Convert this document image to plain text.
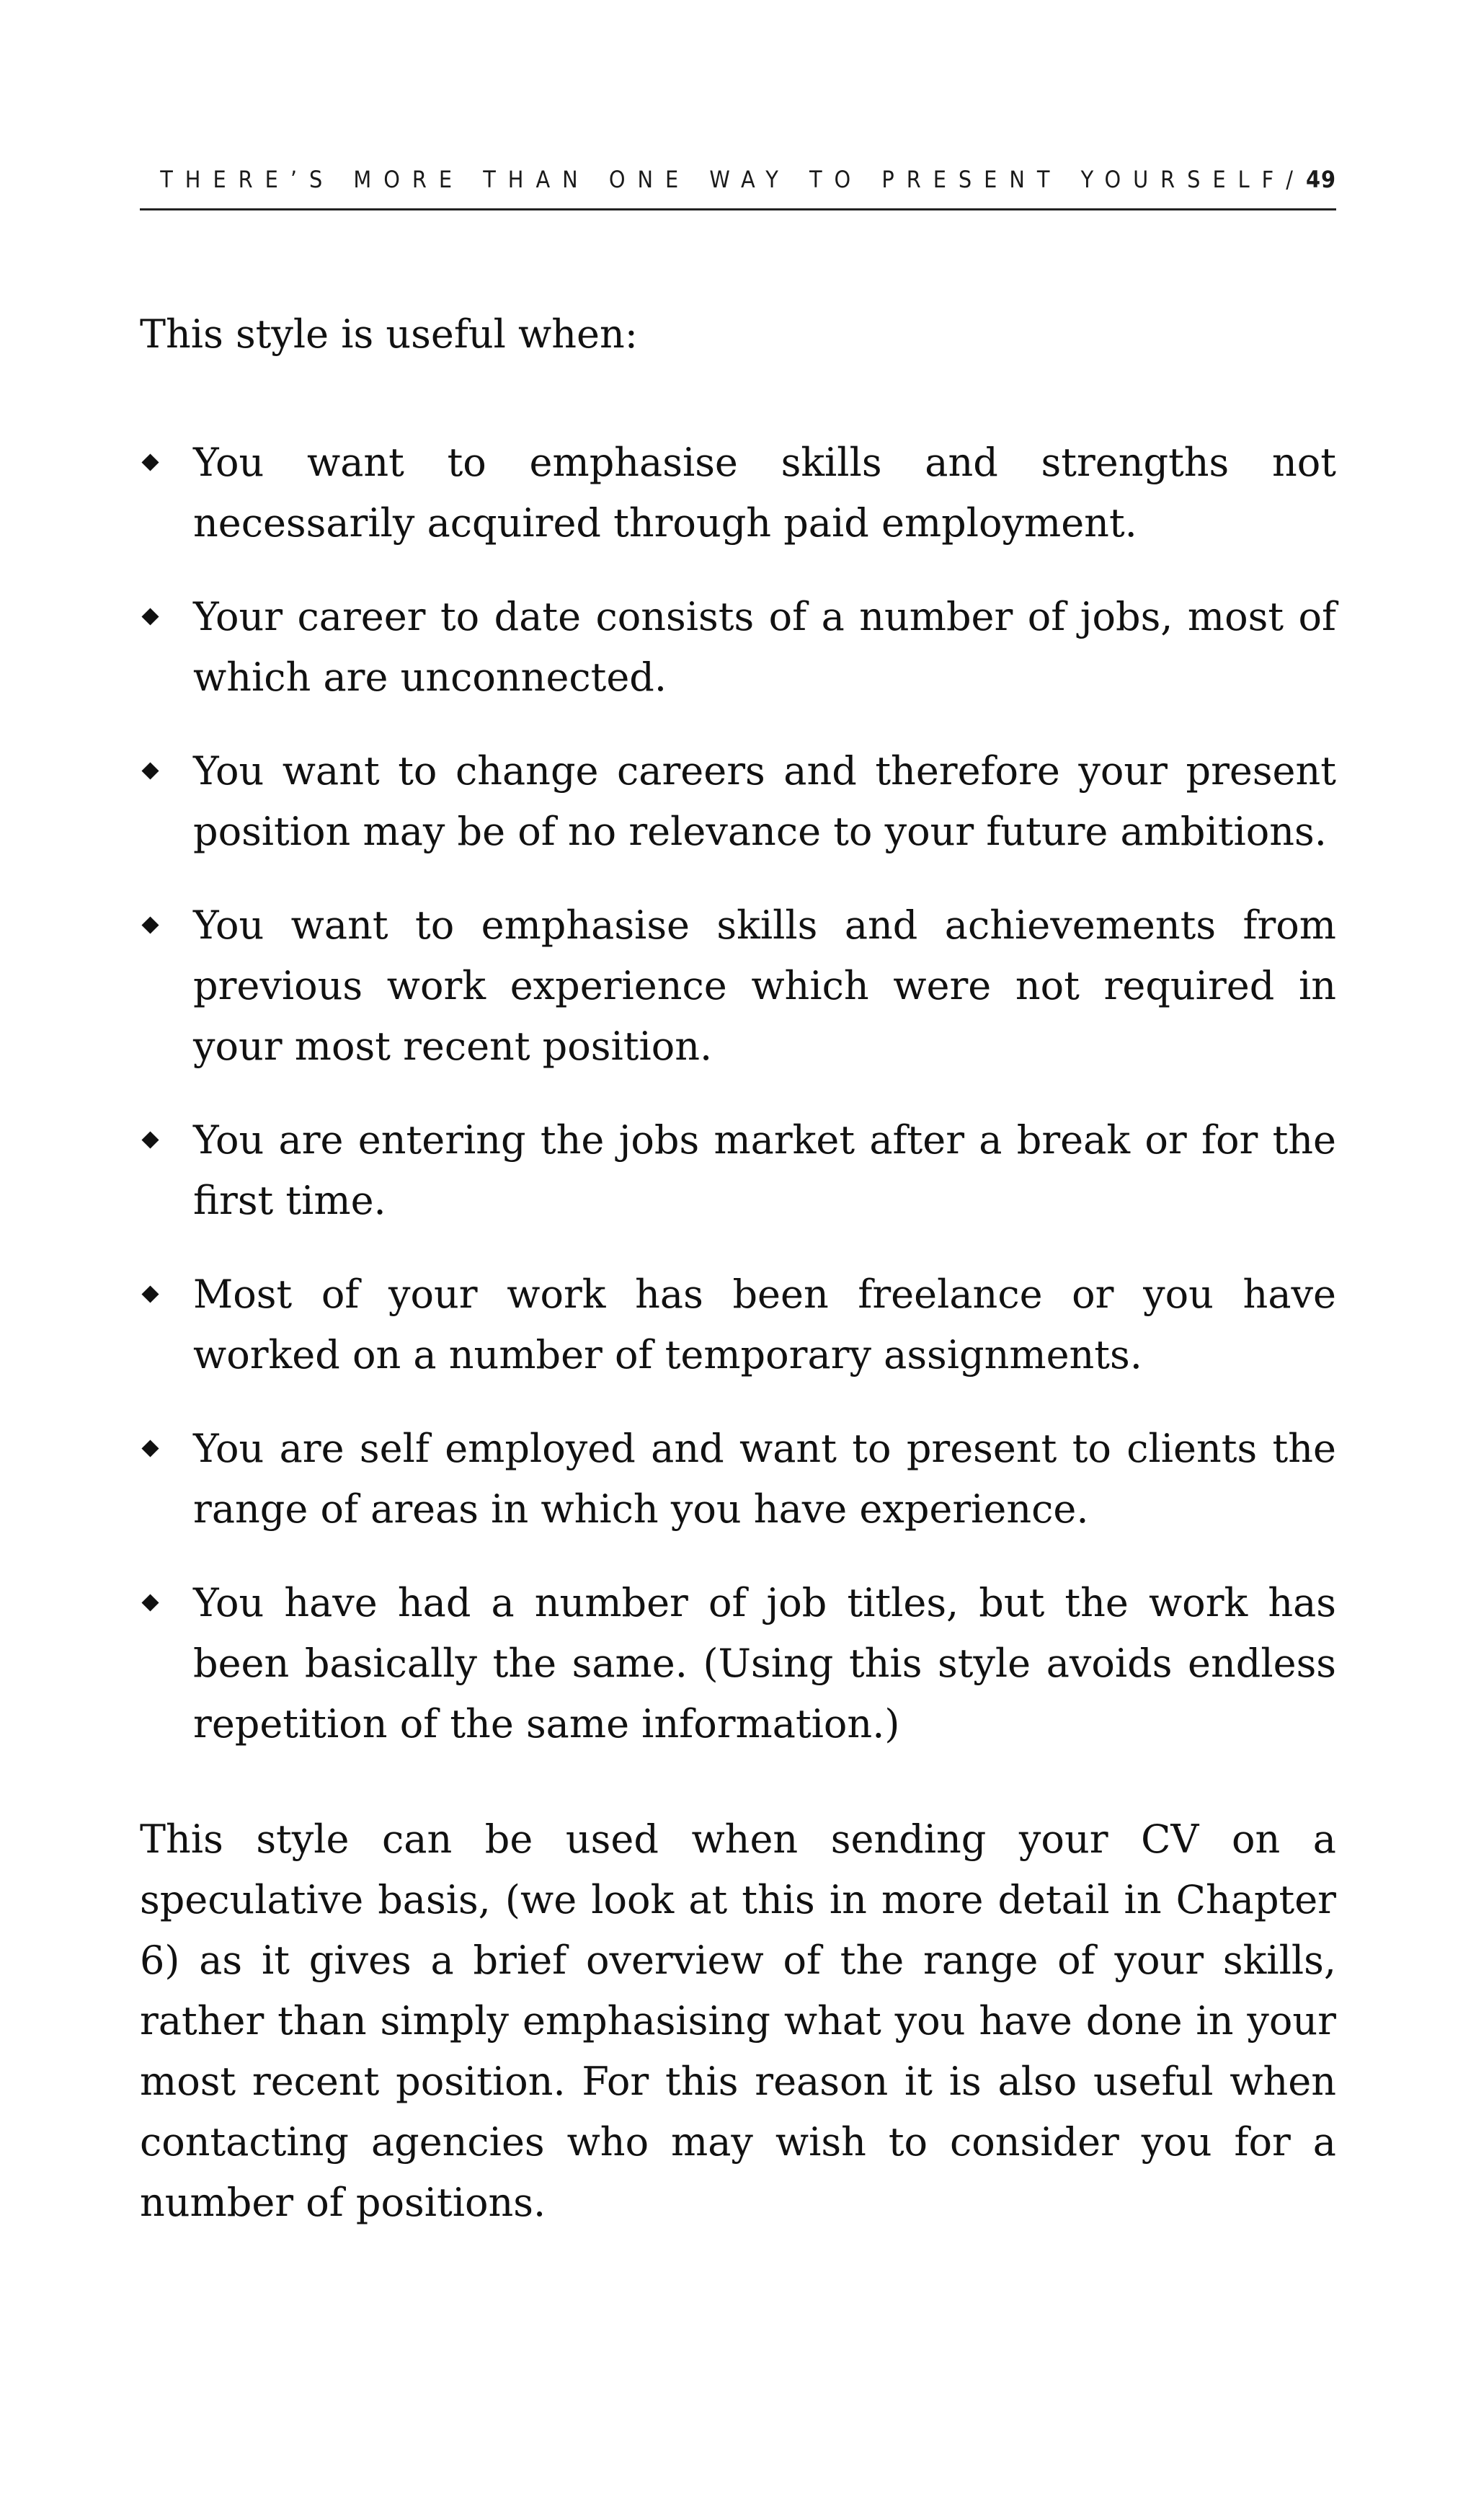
THERE’S MORE THAN ONE WAY TO PRESENT YOURSELF / 49

This style is useful when:

You want to emphasise skills and strengths not necessarily acquired through paid employment.
Your career to date consists of a number of jobs, most of which are unconnected.
You want to change careers and therefore your present position may be of no relevance to your future ambitions.
You want to emphasise skills and achievements from previous work experience which were not required in your most recent position.
You are entering the jobs market after a break or for the first time.
Most of your work has been freelance or you have worked on a number of temporary assignments.
You are self employed and want to present to clients the range of areas in which you have experience.
You have had a number of job titles, but the work has been basically the same. (Using this style avoids endless repetition of the same information.)

This style can be used when sending your CV on a speculative basis, (we look at this in more detail in Chapter 6) as it gives a brief overview of the range of your skills, rather than simply emphasising what you have done in your most recent position. For this reason it is also useful when contacting agencies who may wish to consider you for a number of positions.
